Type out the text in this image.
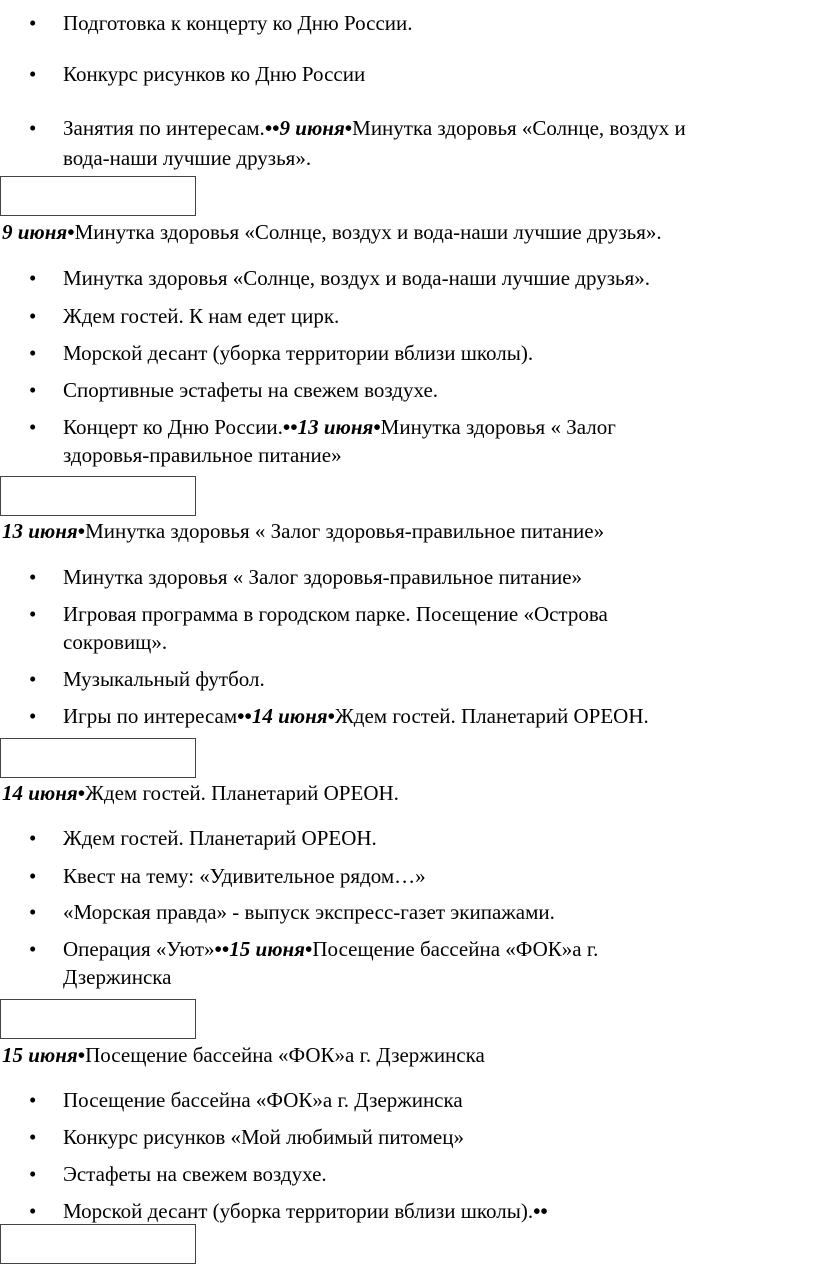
• Подготовка к концерту ко Дню России.
• Конкурс рисунков ко Дню России
• Занятия по интересам.••9 июня•Минутка здоровья «Солнце, воздух и
вода-наши лучшие друзья».
9 июня•Минутка здоровья «Солнце, воздух и вода-наши лучшие друзья».
• Минутка здоровья «Солнце, воздух и вода-наши лучшие друзья».
• Ждем гостей. К нам едет цирк.
• Морской десант (уборка территории вблизи школы).
• Спортивные эстафеты на свежем воздухе.
• Концерт ко Дню России.••13 июня•Минутка здоровья « Залог
здоровья-правильное питание»
13 июня•Минутка здоровья « Залог здоровья-правильное питание»
• Минутка здоровья « Залог здоровья-правильное питание»
• Игровая программа в городском парке. Посещение «Острова
сокровищ».
• Музыкальный футбол.
• Игры по интересам••14 июня•Ждем гостей. Планетарий ОРЕОН.
14 июня•Ждем гостей. Планетарий ОРЕОН.
• Ждем гостей. Планетарий ОРЕОН.
• Квест на тему: «Удивительное рядом…»
• «Морская правда» - выпуск экспресс-газет экипажами.
• Операция «Уют»••15 июня•Посещение бассейна «ФОК»а г.
Дзержинска
15 июня•Посещение бассейна «ФОК»а г. Дзержинска
• Посещение бассейна «ФОК»а г. Дзержинска
• Конкурс рисунков «Мой любимый питомец»
• Эстафеты на свежем воздухе.
• Морской десант (уборка территории вблизи школы).••
